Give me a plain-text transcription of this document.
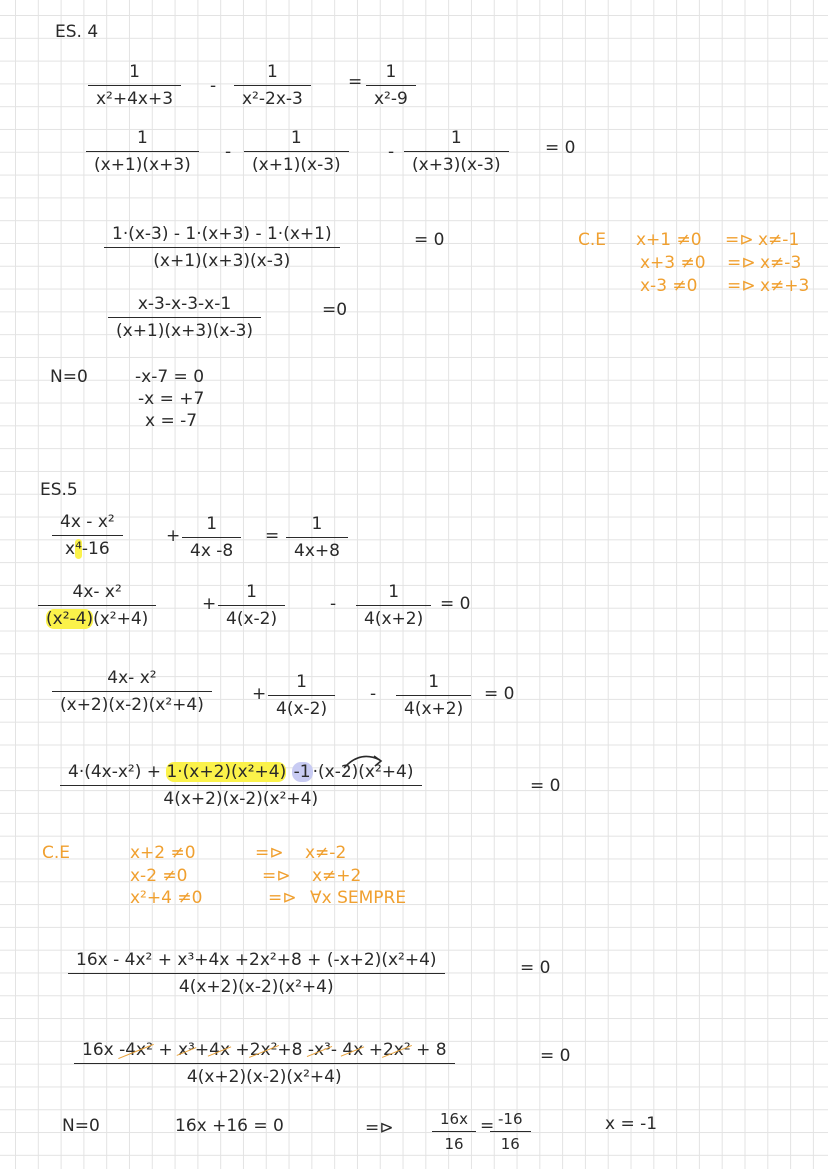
ES. 4
$\frac{1}{\text{x²+4x+3}} - \frac{1}{\text{x²-2x-3}} = \frac{1}{\text{x²-9}}$
$\frac{1}{(x+1)(x+3)} - \frac{1}{(x+1)(x-3)} - \frac{1}{(x+3)(x-3)} = 0$
$\frac{1\cdot(x-3) - 1\cdot(x+3) - 1\cdot(x+1)}{(x+1)(x+3)(x-3)}$	= 0
$\frac{x-3-x-3-x-1}{(x+1)(x+3)(x-3)}$	=0
C.E x+1 ≠0 =⊳ x≠-1
x+3 ≠0 =⊳ x≠-3
x-3 ≠0 =⊳ x≠+3
N=0	-x-7 = 0
-x = +7
x = -7
ES.5
$\frac{\text{4x - x²}}{\text{x⁴-16}}$	+ $\frac{1}{4x -8} = \frac{1}{4x+8}$
$\frac{\text{4x- x²}}{\text{(x²-4)(x²+4)}}$	+ $\frac{1}{4(x-2)}$	- $\frac{1}{4(x+2)} = 0$
$\frac{\text{4x- x²}}{\text{(x+2)(x-2)(x²+4)}} + \frac{1}{4(x-2)} - \frac{1}{4(x+2)} = 0$
$\frac{\text{4·(4x-x²) + 1·(x+2)(x²+4) -1 ·(x-2)(x²+4)}}{\text{4(x+2)(x-2)(x²+4)}}$	= 0
C.E	x+2 ≠0	=⊳ x≠-2
x-2 ≠0	=⊳ x≠+2
x²+4 ≠0	=⊳ ∀x SEMPRE
$\frac{\text{16x - 4x² + x³+4x +2x²+8 + (-x+2)(x²+4)}}{\text{4(x+2)(x-2)(x²+4)}}$	= 0
$\frac{\text{16x -4x² + x³+4x +2x²+8 -x³- 4x +2x² + 8}}{\text{4(x+2)(x-2)(x²+4)}}$	= 0
N=0	16x +16 = 0	=⊳	$\frac{16x}{16}$ =
$\frac{-16}{16}$	x = -1
